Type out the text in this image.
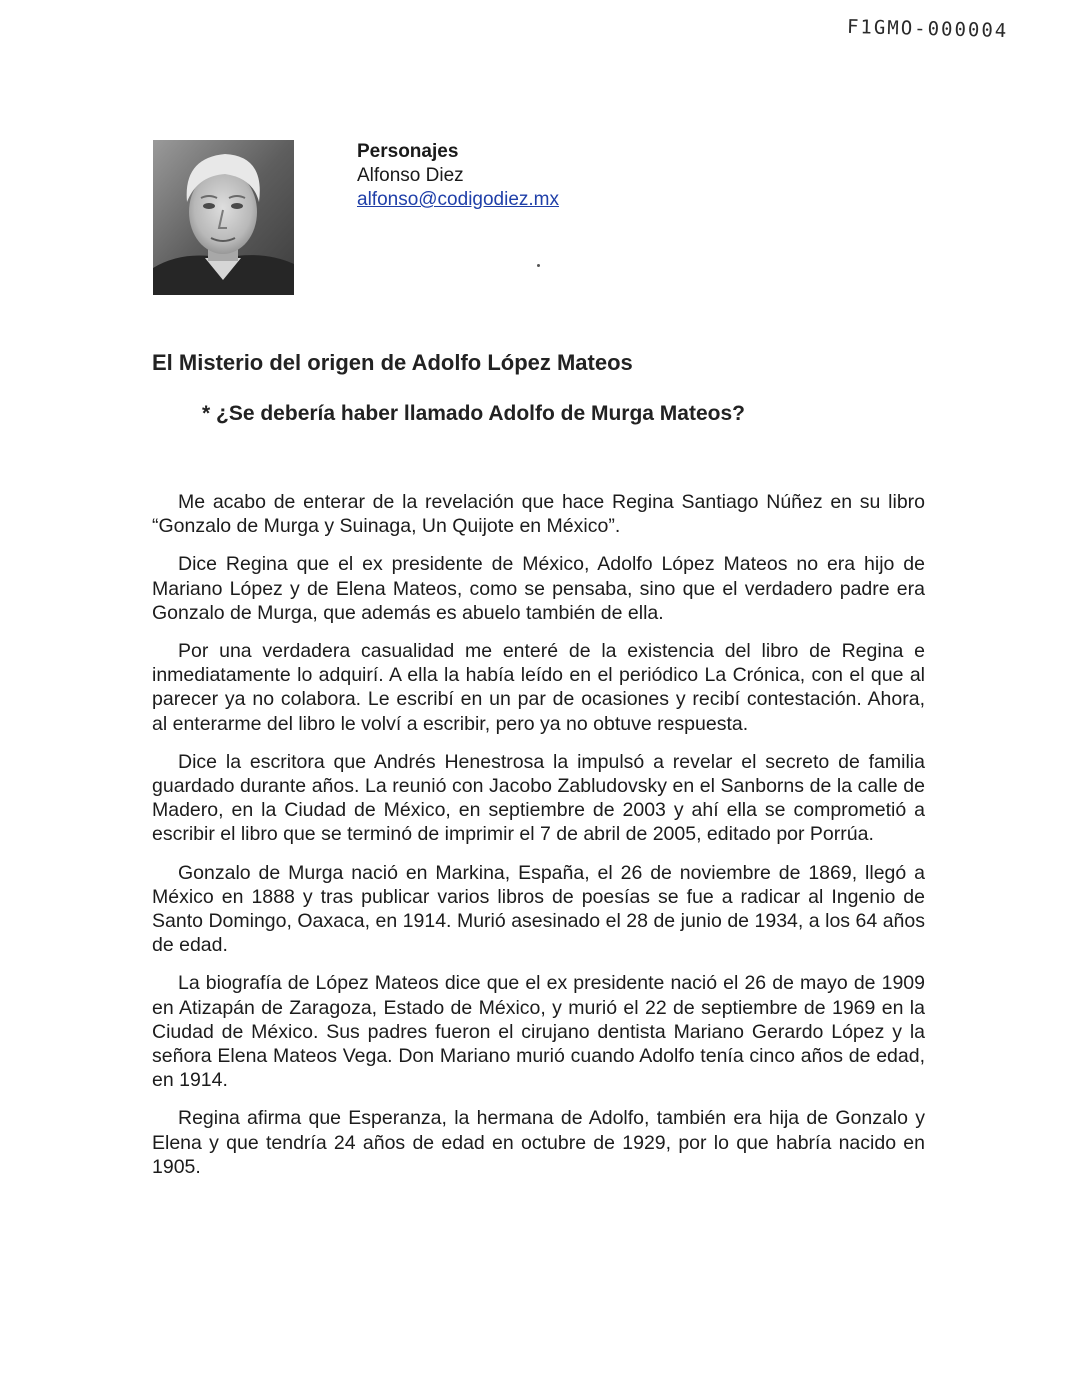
F1GMO-000004
Personajes
Alfonso Diez
alfonso@codigodiez.mx
El Misterio del origen de Adolfo López Mateos
* ¿Se debería haber llamado Adolfo de Murga Mateos?

Me acabo de enterar de la revelación que hace Regina Santiago Núñez en su libro “Gonzalo de Murga y Suinaga, Un Quijote en México”.

Dice Regina que el ex presidente de México, Adolfo López Mateos no era hijo de Mariano López y de Elena Mateos, como se pensaba, sino que el verdadero padre era Gonzalo de Murga, que además es abuelo también de ella.

Por una verdadera casualidad me enteré de la existencia del libro de Regina e inmediatamente lo adquirí. A ella la había leído en el periódico La Crónica, con el que al parecer ya no colabora. Le escribí en un par de ocasiones y recibí contestación. Ahora, al enterarme del libro le volví a escribir, pero ya no obtuve respuesta.

Dice la escritora que Andrés Henestrosa la impulsó a revelar el secreto de familia guardado durante años. La reunió con Jacobo Zabludovsky en el Sanborns de la calle de Madero, en la Ciudad de México, en septiembre de 2003 y ahí ella se comprometió a escribir el libro que se terminó de imprimir el 7 de abril de 2005, editado por Porrúa.

Gonzalo de Murga nació en Markina, España, el 26 de noviembre de 1869, llegó a México en 1888 y tras publicar varios libros de poesías se fue a radicar al Ingenio de Santo Domingo, Oaxaca, en 1914. Murió asesinado el 28 de junio de 1934, a los 64 años de edad.

La biografía de López Mateos dice que el ex presidente nació el 26 de mayo de 1909 en Atizapán de Zaragoza, Estado de México, y murió el 22 de septiembre de 1969 en la Ciudad de México. Sus padres fueron el cirujano dentista Mariano Gerardo López y la señora Elena Mateos Vega. Don Mariano murió cuando Adolfo tenía cinco años de edad, en 1914.

Regina afirma que Esperanza, la hermana de Adolfo, también era hija de Gonzalo y Elena y que tendría 24 años de edad en octubre de 1929, por lo que habría nacido en 1905.
